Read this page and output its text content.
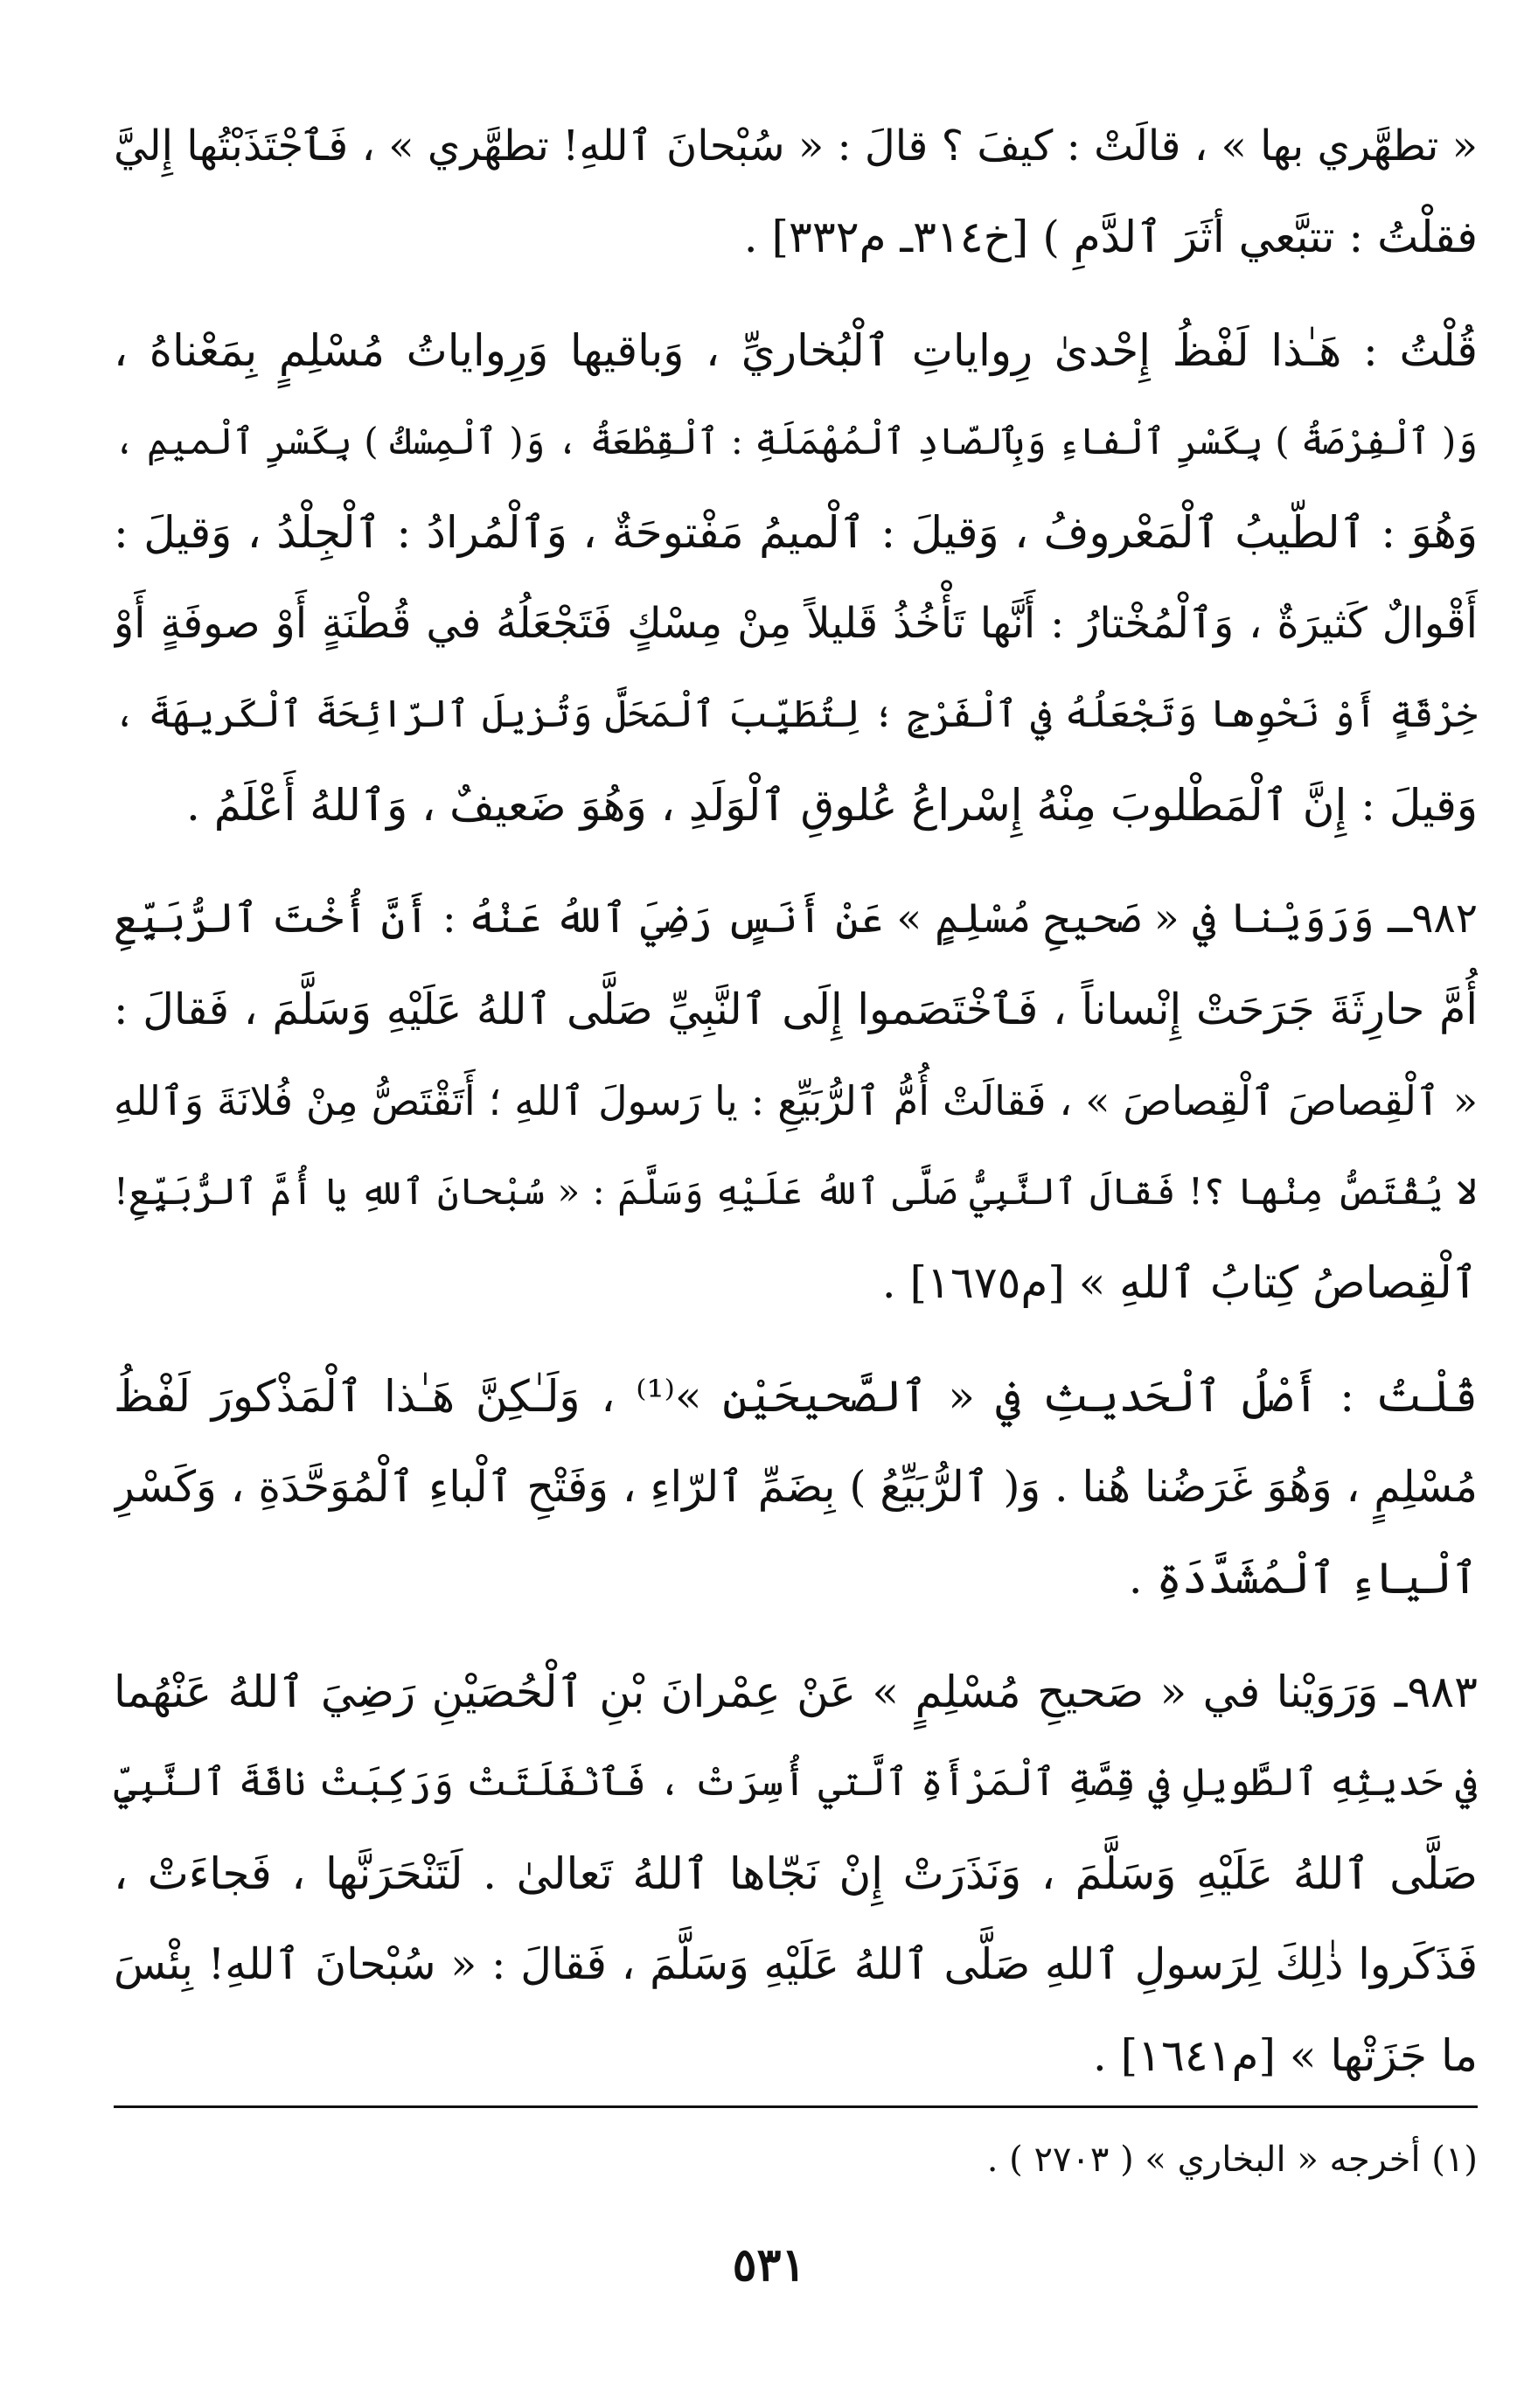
« تطهَّري بها » ، قالَتْ : كيفَ ؟ قالَ : « سُبْحانَ ٱللهِ! تطهَّري » ، فَٱجْتَذَبْتُها إِليَّ
فقلْتُ : تتبَّعي أثَرَ ٱلدَّمِ ) [خ٣١٤ـ م٣٣٢] .
قُلْتُ : هَـٰذا لَفْظُ إِحْدىٰ رِواياتِ ٱلْبُخاريِّ ، وَباقيها وَرِواياتُ مُسْلِمٍ بِمَعْناهُ ،
وَ( ٱلْفِرْصَةُ ) بِكَسْرِ ٱلْفاءِ وَبِٱلصّادِ ٱلْمُهْمَلَةِ : ٱلْقِطْعَةُ ، وَ( ٱلْمِسْكُ ) بِكَسْرِ ٱلْميمِ ،
وَهُوَ : ٱلطّيبُ ٱلْمَعْروفُ ، وَقيلَ : ٱلْميمُ مَفْتوحَةٌ ، وَٱلْمُرادُ : ٱلْجِلْدُ ، وَقيلَ :
أَقْوالٌ كَثيرَةٌ ، وَٱلْمُخْتارُ : أَنَّها تَأْخُذُ قَليلاً مِنْ مِسْكٍ فَتَجْعَلُهُ في قُطْنَةٍ أَوْ صوفَةٍ أَوْ
خِرْقَةٍ أَوْ نَحْوِها وَتَجْعَلُهُ في ٱلْفَرْجِ ؛ لِتُطَيِّبَ ٱلْمَحَلَّ وَتُزيلَ ٱلرّائِحَةَ ٱلْكَريهَةَ ،
وَقيلَ : إِنَّ ٱلْمَطْلوبَ مِنْهُ إِسْراعُ عُلوقِ ٱلْوَلَدِ ، وَهُوَ ضَعيفٌ ، وَٱللهُ أَعْلَمُ .
٩٨٢ـ وَرَوَيْنا في « صَحيحِ مُسْلِمٍ » عَنْ أَنَسٍ رَضِيَ ٱللهُ عَنْهُ : أَنَّ أُخْتَ ٱلرُّبَيِّعِ
أُمَّ حارِثَةَ جَرَحَتْ إِنْساناً ، فَٱخْتَصَموا إِلَى ٱلنَّبِيِّ صَلَّى ٱللهُ عَلَيْهِ وَسَلَّمَ ، فَقالَ :
« ٱلْقِصاصَ ٱلْقِصاصَ » ، فَقالَتْ أُمُّ ٱلرُّبَيِّعِ : يا رَسولَ ٱللهِ ؛ أَتَقْتَصُّ مِنْ فُلانَةَ وَٱللهِ
لا يُقْتَصُّ مِنْها ؟! فَقالَ ٱلنَّبِيُّ صَلَّى ٱللهُ عَلَيْهِ وَسَلَّمَ : « سُبْحانَ ٱللهِ يا أُمَّ ٱلرُّبَيِّعِ!
ٱلْقِصاصُ كِتابُ ٱللهِ » [م١٦٧٥] .
قُلْتُ : أَصْلُ ٱلْحَديثِ في « ٱلصَّحيحَيْنِ »⁽¹⁾ ، وَلَـٰكِنَّ هَـٰذا ٱلْمَذْكورَ لَفْظُ
مُسْلِمٍ ، وَهُوَ غَرَضُنا هُنا . وَ( ٱلرُّبَيِّعُ ) بِضَمِّ ٱلرّاءِ ، وَفَتْحِ ٱلْباءِ ٱلْمُوَحَّدَةِ ، وَكَسْرِ
ٱلْياءِ ٱلْمُشَدَّدَةِ .
٩٨٣ـ وَرَوَيْنا في « صَحيحِ مُسْلِمٍ » عَنْ عِمْرانَ بْنِ ٱلْحُصَيْنِ رَضِيَ ٱللهُ عَنْهُما
في حَديثِهِ ٱلطَّويلِ في قِصَّةِ ٱلْمَرْأَةِ ٱلَّتي أُسِرَتْ ، فَٱنْفَلَتَتْ وَرَكِبَتْ ناقَةَ ٱلنَّبِيِّ
صَلَّى ٱللهُ عَلَيْهِ وَسَلَّمَ ، وَنَذَرَتْ إِنْ نَجّاها ٱللهُ تَعالىٰ . لَتَنْحَرَنَّها ، فَجاءَتْ ،
فَذَكَروا ذٰلِكَ لِرَسولِ ٱللهِ صَلَّى ٱللهُ عَلَيْهِ وَسَلَّمَ ، فَقالَ : « سُبْحانَ ٱللهِ! بِئْسَ
ما جَزَتْها » [م١٦٤١] .
(١) أخرجه « البخاري » ( ٢٧٠٣ ) .
٥٣١
